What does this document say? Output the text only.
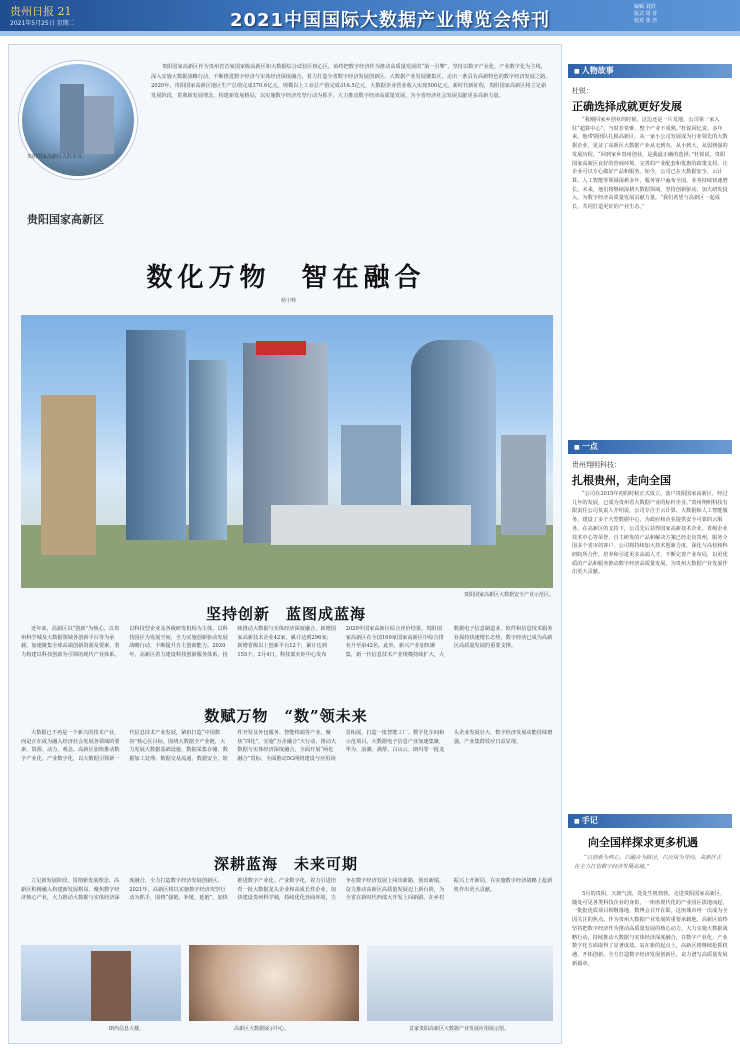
贵州日报 21
2021年5月25日 星期二	2021中国国际大数据产业博览会特刊
编辑 刘洪
版式 周 青
校对 张 杰
贵阳国家高新区入驻企业。
贵阳国家高新区作为贵州省首家国家级高新区和大数据综合试验区核心区，始终把数字经济作为推动高质量发展的“第一引擎”，坚持以数字产业化、产业数字化为主线，深入实施大数据战略行动，不断推进数字经济与实体经济深度融合，着力打造全省数字经济发展创新区、大数据产业发展聚集区，走出一条具有高新特色的数字经济发展之路。2020年，贵阳国家高新区地区生产总值完成370.6亿元，规模以上工业总产值完成316.5亿元，大数据企业营业收入实现500亿元。新时代新征程，贵阳国家高新区将立足新发展阶段，贯彻新发展理念，构建新发展格局，以实施数字经济攻坚行动为抓手，大力推动数字经济高质量发展，为全省经济社会发展贡献更多高新力量。
贵阳国家高新区
数化万物　智在融合
杨宇峰
贵阳国家高新区大数据安全产业示范区。
坚持创新　蓝图成蓝海
近年来，高新区以“创新”为核心，以贵州科学城及大数据领域各创新平台等为承载，加速聚集全球高端创新资源及要素，着力构建以科技创新为引领的现代产业体系。以科技型企业及各级研发机构为主体，以科技园区为发展空间，全力实施创新驱动发展战略行动，不断提升自主创新能力。2020年，高新区着力建设科技创新服务体系，持续推动大数据与实体经济深度融合，新增国家高新技术企业42家，累计达到296家；新增省级以上创新平台12个，累计达到155个。2月4日，科技部火炬中心发布2020年国家高新区综合评价结果，贵阳国家高新区在全国169家国家高新区中综合排名升至第42名。此外，新兴产业加快聚集，新一代信息技术产业规模持续扩大，大数据电子信息制造业、软件和信息技术服务业保持快速增长态势，数字经济已成为高新区高质量发展的重要支撑。
数赋万物　“数”领未来
大数据已不再是一个新兴的技术产业，而是正在成为融入经济社会发展各领域的要素、资源、动力、观念。高新区加快推动数字产业化、产业数字化，以大数据引领新一代信息技术产业发展，紧扣打造“中国数谷”核心区目标，围绕大数据全产业链，大力发展大数据基础设施、数据采集存储、数据加工处理、数据交易流通、数据安全、软件开发及外包服务、智能终端等产业。聚焦“四化”，实施“万企融合”大行动，推动大数据与实体经济深度融合，全面开展“两化融合”贯标，全面推动5G网络建设与应用场景拓展，打造一批智能工厂、数字化车间和示范项目。大数据电子信息产业加速集聚，华为、浪潮、满帮、白山云、朗玛等一批龙头企业发展壮大，数字经济发展动能持续增强，产业集群效应日益显现。
深耕蓝海　未来可期
立足新发展阶段，贯彻新发展理念，高新区积极融入构建新发展格局，聚焦数字经济核心产业，大力推动大数据与实体经济深度融合，全力打造数字经济发展创新区。2021年，高新区将以实施数字经济攻坚行动为抓手，围绕“强链、补链、延链”，加快推进数字产业化、产业数字化，着力引进培育一批大数据龙头企业和高成长性企业，加快建设贵州科学城，持续优化营商环境，力争在数字经济发展上闯出新路、创出新绩，奋力推动高新区高质量发展迈上新台阶，为全省在新时代西部大开发上闯新路、在乡村振兴上开新局、在实施数字经济战略上抢新机作出更大贡献。
朗玛信息大楼。	高新区大数据展示中心。	首家贵阳高新区大数据产业发展应用展示馆。
■ 人物故事
杜锐：
正确选择成就更好发展
“我刚回家乡创业的时候，这边还是一片荒地，公司第一家入驻“超算中心”，当时非常难，整个产业不成熟。”杜锐回忆说。多年来，他带领团队扎根高新区，从一家小公司发展成为行业领先的大数据企业，见证了高新区大数据产业从无到有、从小到大、从弱到强的发展历程。“回到家乡贵州创业，是我最正确的选择。”杜锐说，贵阳国家高新区良好的营商环境、完善的产业配套和优惠的政策支持，让企业可以专心做好产品和服务。如今，公司已在大数据安全、云计算、人工智能等领域深耕多年，服务客户遍布全国，业务持续快速增长。未来，他们将继续深耕大数据领域，坚持创新驱动，加大研发投入，为数字经济高质量发展贡献力量。“我们希望与高新区一起成长，共同打造更好的产业生态。”
■ 一点
贵州翔明科技：
扎根贵州，走向全国
“公司在2015年初的时候正式成立，落户贵阳国家高新区，经过几年的发展，已成为贵州省大数据产业的标杆企业。”贵州翔明科技有限责任公司负责人介绍说。公司专注于云计算、大数据和人工智能服务，建设了多个大型数据中心，为政府和企业提供安全可靠的云服务。在高新区的支持下，公司先后获得国家高新技术企业、省级企业技术中心等荣誉，自主研发的产品和解决方案已经走出贵州，服务全国多个省市的客户。公司将持续加大技术创新力度，深化与高校和科研院所合作，培养和引进更多高端人才，不断完善产业布局，以更优质的产品和服务推动数字经济高质量发展，为贵州大数据产业发展作出更大贡献。
■ 手记
向全国样探求更多机遇
“以创新为核心，以融合为路径，以应用为导向，高新区正在全力打造数字经济发展高地。”
5月的贵阳，天朗气清，处处生机勃勃。走进贵阳国家高新区，随处可见各类科技企业的身影，一座座现代化的产业园区拔地而起，一批批优质项目相继落地。数博会召开在即，这座城市再一次成为全国关注的焦点。作为贵州大数据产业发展的重要承载地，高新区始终坚持把数字经济作为推动高质量发展的核心动力，大力实施大数据战略行动，持续推动大数据与实体经济深度融合，在数字产业化、产业数字化方面取得了显著成效。站在新的起点上，高新区将继续抢抓机遇、开拓创新，全力打造数字经济发展创新区，奋力谱写高质量发展新篇章。
